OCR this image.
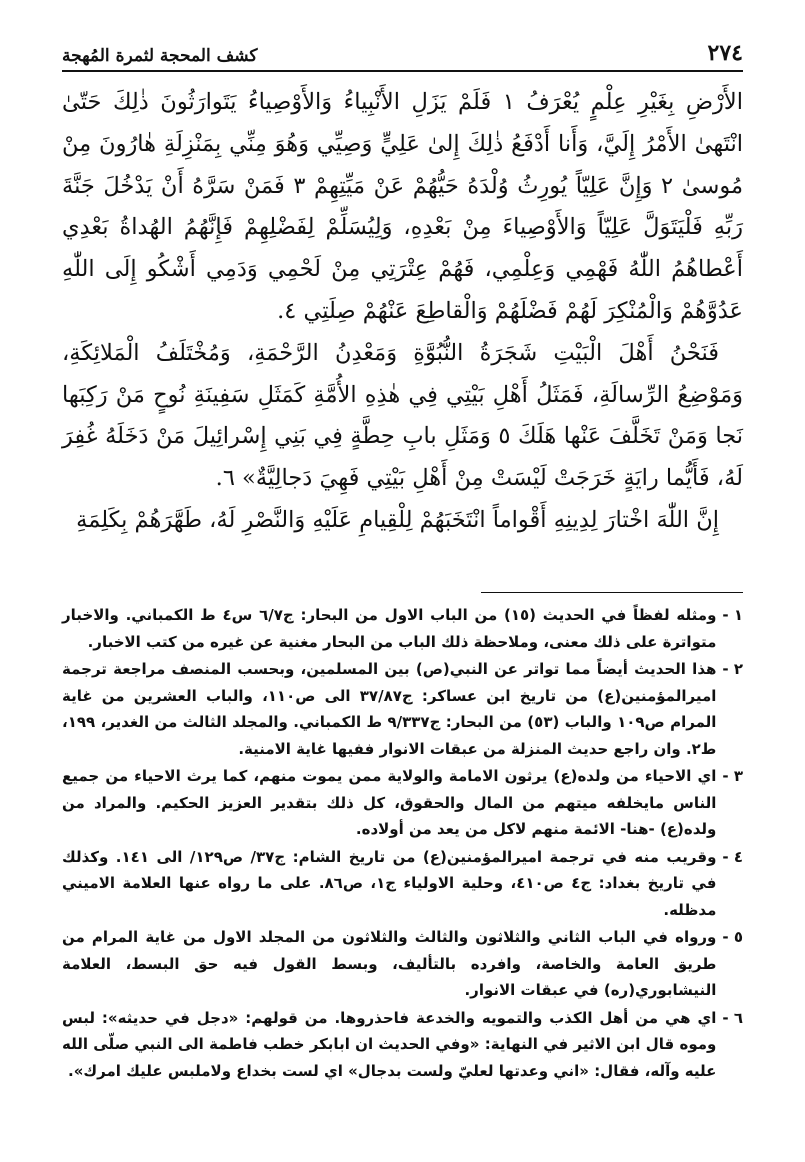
٢٧٤
كشف المحجة لثمرة المُهجة

الأَرْضِ بِغَيْرِ عِلْمٍ يُعْرَفُ ١ فَلَمْ يَزَلِ الأَنْبِياءُ وَالأَوْصِياءُ يَتَوارَثُونَ ذٰلِكَ حَتّىٰ انْتَهىٰ الأَمْرُ إِلَيَّ، وَأَنا أَدْفَعُ ذٰلِكَ إِلىٰ عَلِيٍّ وَصِيِّي وَهُوَ مِنِّي بِمَنْزِلَةِ هٰارُونَ مِنْ مُوسىٰ ٢ وَإِنَّ عَلِيّاً يُورِثُ وُلْدَهُ حَيُّهُمْ عَنْ مَيِّتِهِمْ ٣ فَمَنْ سَرَّهُ أَنْ يَدْخُلَ جَنَّةَ رَبِّهِ فَلْيَتَوَلَّ عَلِيّاً وَالأَوْصِياءَ مِنْ بَعْدِهِ، وَلِيُسَلِّمْ لِفَضْلِهِمْ فَإِنَّهُمُ الهُداةُ بَعْدِي أَعْطاهُمُ اللّٰهُ فَهْمِي وَعِلْمِي، فَهُمْ عِتْرَتِي مِنْ لَحْمِي وَدَمِي أَشْكُو إِلَى اللّٰهِ عَدُوَّهُمْ وَالْمُنْكِرَ لَهُمْ فَضْلَهُمْ وَالْقاطِعَ عَنْهُمْ صِلَتِي ٤.

فَنَحْنُ أَهْلَ الْبَيْتِ شَجَرَةُ النُّبُوَّةِ وَمَعْدِنُ الرَّحْمَةِ، وَمُخْتَلَفُ الْمَلائِكَةِ، وَمَوْضِعُ الرِّسالَةِ، فَمَثَلُ أَهْلِ بَيْتِي فِي هٰذِهِ الأُمَّةِ كَمَثَلِ سَفِينَةِ نُوحٍ مَنْ رَكِبَها نَجا وَمَنْ تَخَلَّفَ عَنْها هَلَكَ ٥ وَمَثَلِ بابِ حِطَّةٍ فِي بَنِي إِسْرائِيلَ مَنْ دَخَلَهُ غُفِرَ لَهُ، فَأَيُّما رايَةٍ خَرَجَتْ لَيْسَتْ مِنْ أَهْلِ بَيْتِي فَهِيَ دَجالِيَّةٌ» ٦.

إِنَّ اللّٰهَ اخْتارَ لِدِينِهِ أَقْواماً انْتَخَبَهُمْ لِلْقِيامِ عَلَيْهِ وَالنَّصْرِ لَهُ، طَهَّرَهُمْ بِكَلِمَةِ

١ -
ومثله لفظاً في الحديث (١٥) من الباب الاول من البحار: ج٦/٧ س٤ ط الكمباني. والاخبار متواترة على ذلك معنى، وملاحظة ذلك الباب من البحار مغنية عن غيره من كتب الاخبار.
٢ -
هذا الحديث أيضاً مما تواتر عن النبي(ص) بين المسلمين، وبحسب المنصف مراجعة ترجمة اميرالمؤمنين(ع) من تاريخ ابن عساكر: ج٣٧/٨٧ الى ص١١٠، والباب العشرين من غاية المرام ص١٠٩ والباب (٥٣) من البحار: ج٩/٣٣٧ ط الكمباني. والمجلد الثالث من الغدير، ١٩٩، ط٢. وان راجع حديث المنزلة من عبقات الانوار ففيها غاية الامنية.
٣ -
اي الاحياء من ولده(ع) يرثون الامامة والولاية ممن يموت منهم، كما يرث الاحياء من جميع الناس مايخلفه ميتهم من المال والحقوق، كل ذلك بتقدير العزيز الحكيم. والمراد من ولده(ع) -هنا- الائمة منهم لاكل من يعد من أولاده.
٤ -
وقريب منه في ترجمة اميرالمؤمنين(ع) من تاريخ الشام: ج٣٧/ ص١٢٩/ الى ١٤١. وكذلك في تاريخ بغداد: ج٤ ص٤١٠، وحلية الاولياء ج١، ص٨٦. على ما رواه عنها العلامة الاميني مدظله.
٥ -
ورواه في الباب الثاني والثلاثون والثالث والثلاثون من المجلد الاول من غاية المرام من طريق العامة والخاصة، وافرده بالتأليف، وبسط القول فيه حق البسط، العلامة النيشابوري(ره) في عبقات الانوار.
٦ -
اي هي من أهل الكذب والتمويه والخدعة فاحذروها. من قولهم: «دجل في حديثه»: لبس وموه قال ابن الاثير في النهاية: «وفي الحديث ان ابابكر خطب فاطمة الى النبي صلّى الله عليه وآله، فقال: «اني وعدتها لعليّ ولست بدجال» اي لست بخداع ولاملبس عليك امرك».
